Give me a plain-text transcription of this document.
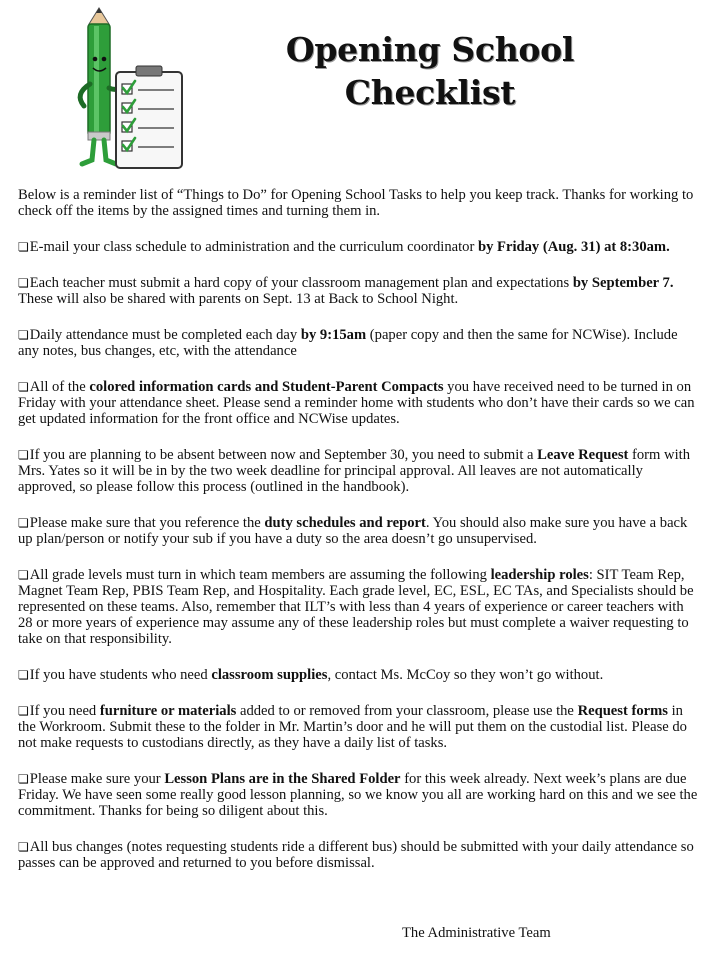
Opening School
Checklist

Below is a reminder list of “Things to Do” for Opening School Tasks to help you keep track. Thanks for working to check off the items by the assigned times and turning them in.

❏E-mail your class schedule to administration and the curriculum coordinator by Friday (Aug. 31) at 8:30am.

❏Each teacher must submit a hard copy of your classroom management plan and expectations by September 7. These will also be shared with parents on Sept. 13 at Back to School Night.

❏Daily attendance must be completed each day by 9:15am (paper copy and then the same for NCWise). Include any notes, bus changes, etc, with the attendance

❏All of the colored information cards and Student-Parent Compacts you have received need to be turned in on Friday with your attendance sheet. Please send a reminder home with students who don’t have their cards so we can get updated information for the front office and NCWise updates.

❏If you are planning to be absent between now and September 30, you need to submit a Leave Request form with Mrs. Yates so it will be in by the two week deadline for principal approval. All leaves are not automatically approved, so please follow this process (outlined in the handbook).

❏Please make sure that you reference the duty schedules and report. You should also make sure you have a back up plan/person or notify your sub if you have a duty so the area doesn’t go unsupervised.

❏All grade levels must turn in which team members are assuming the following leadership roles: SIT Team Rep, Magnet Team Rep, PBIS Team Rep, and Hospitality. Each grade level, EC, ESL, EC TAs, and Specialists should be represented on these teams. Also, remember that ILT’s with less than 4 years of experience or career teachers with 28 or more years of experience may assume any of these leadership roles but must complete a waiver requesting to take on that responsibility.

❏If you have students who need classroom supplies, contact Ms. McCoy so they won’t go without.

❏If you need furniture or materials added to or removed from your classroom, please use the Request forms in the Workroom. Submit these to the folder in Mr. Martin’s door and he will put them on the custodial list. Please do not make requests to custodians directly, as they have a daily list of tasks.

❏Please make sure your Lesson Plans are in the Shared Folder for this week already. Next week’s plans are due Friday. We have seen some really good lesson planning, so we know you all are working hard on this and we see the commitment. Thanks for being so diligent about this.

❏All bus changes (notes requesting students ride a different bus) should be submitted with your daily attendance so passes can be approved and returned to you before dismissal.

The Administrative Team
